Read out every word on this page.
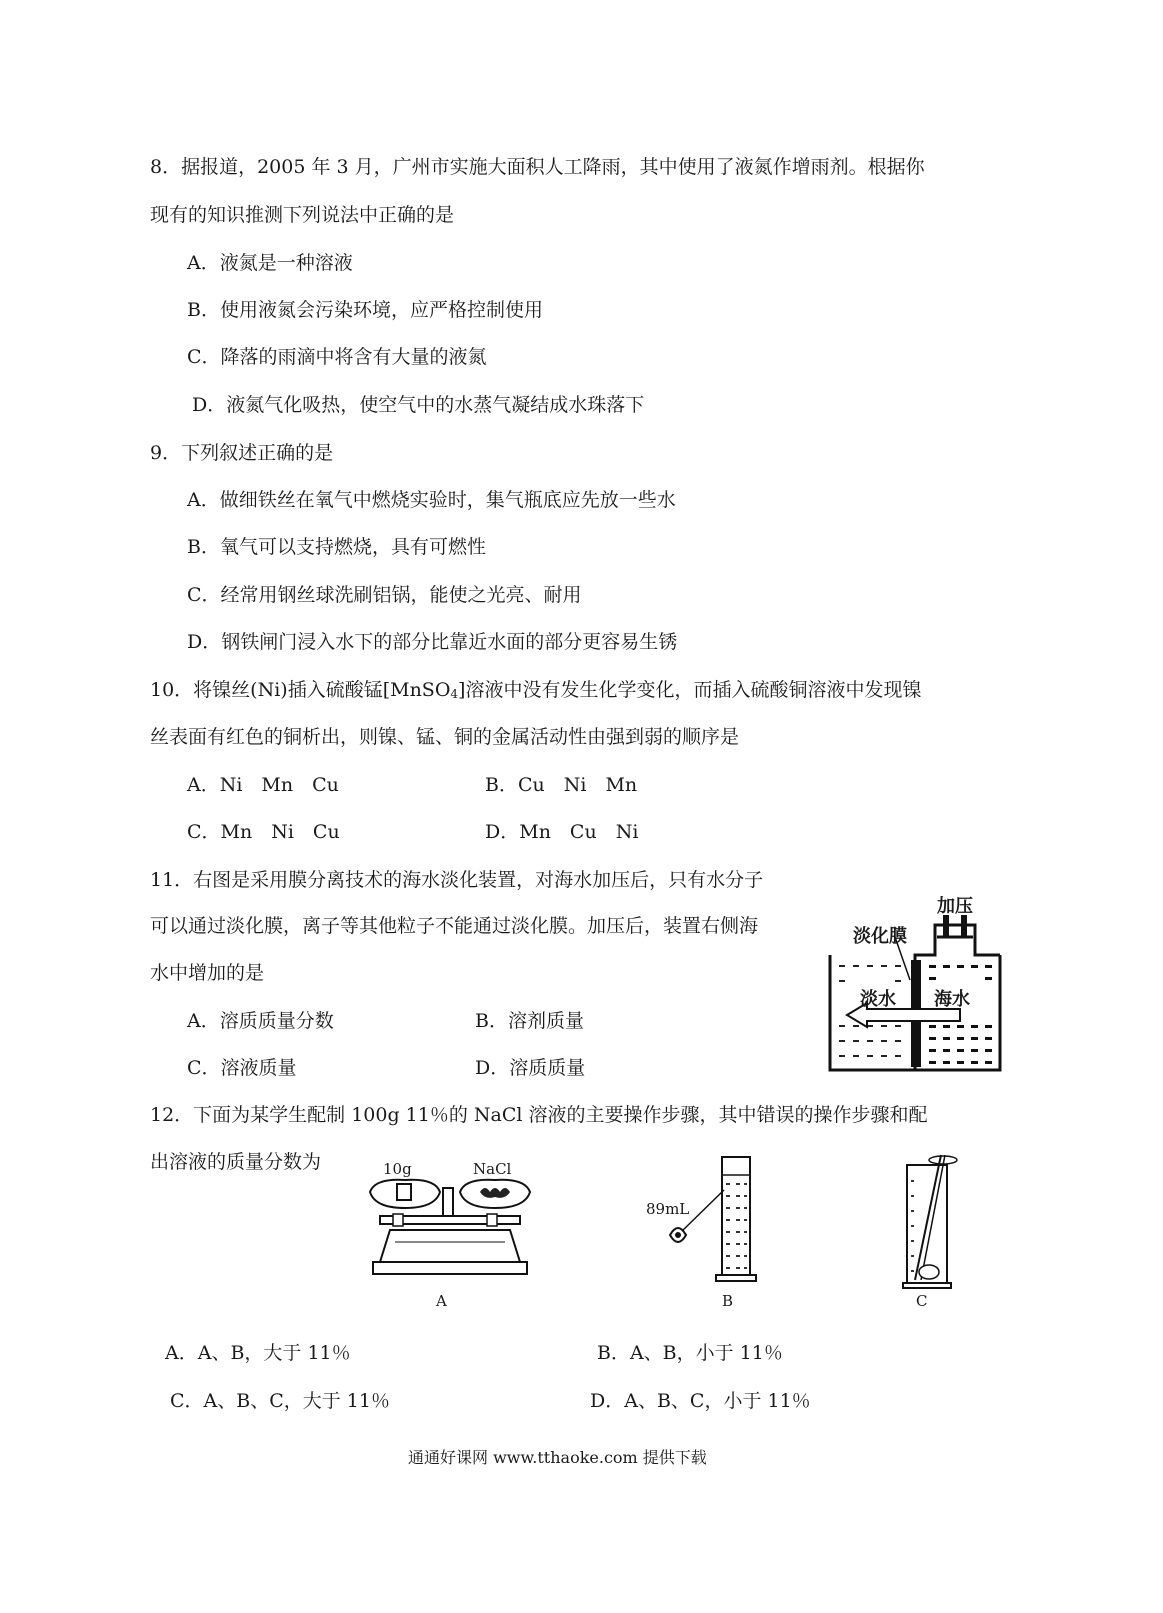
8．据报道，2005 年 3 月，广州市实施大面积人工降雨，其中使用了液氮作增雨剂。根据你
现有的知识推测下列说法中正确的是
A．液氮是一种溶液
B．使用液氮会污染环境，应严格控制使用
C．降落的雨滴中将含有大量的液氮
D．液氮气化吸热，使空气中的水蒸气凝结成水珠落下
9．下列叙述正确的是
A．做细铁丝在氧气中燃烧实验时，集气瓶底应先放一些水
B．氧气可以支持燃烧，具有可燃性
C．经常用钢丝球洗刷铝锅，能使之光亮、耐用
D．钢铁闸门浸入水下的部分比靠近水面的部分更容易生锈
10．将镍丝(Ni)插入硫酸锰[MnSO$_4$]溶液中没有发生化学变化，而插入硫酸铜溶液中发现镍
丝表面有红色的铜析出，则镍、锰、铜的金属活动性由强到弱的顺序是
A．Ni　Mn　Cu	B．Cu　Ni　Mn
C．Mn　Ni　Cu	D．Mn　Cu　Ni
11．右图是采用膜分离技术的海水淡化装置，对海水加压后，只有水分子
可以通过淡化膜，离子等其他粒子不能通过淡化膜。加压后，装置右侧海
水中增加的是
A．溶质质量分数	B．溶剂质量
C．溶液质量	D．溶质质量
加压
淡化膜
淡水 海水
12．下面为某学生配制 100g 11％的 NaCl 溶液的主要操作步骤，其中错误的操作步骤和配
出溶液的质量分数为	10g	NaCl
A
89mL
B	C
A．A、B，大于 11％	B．A、B，小于 11％
C．A、B、C，大于 11％	D．A、B、C，小于 11％
通通好课网 www.tthaoke.com 提供下载
